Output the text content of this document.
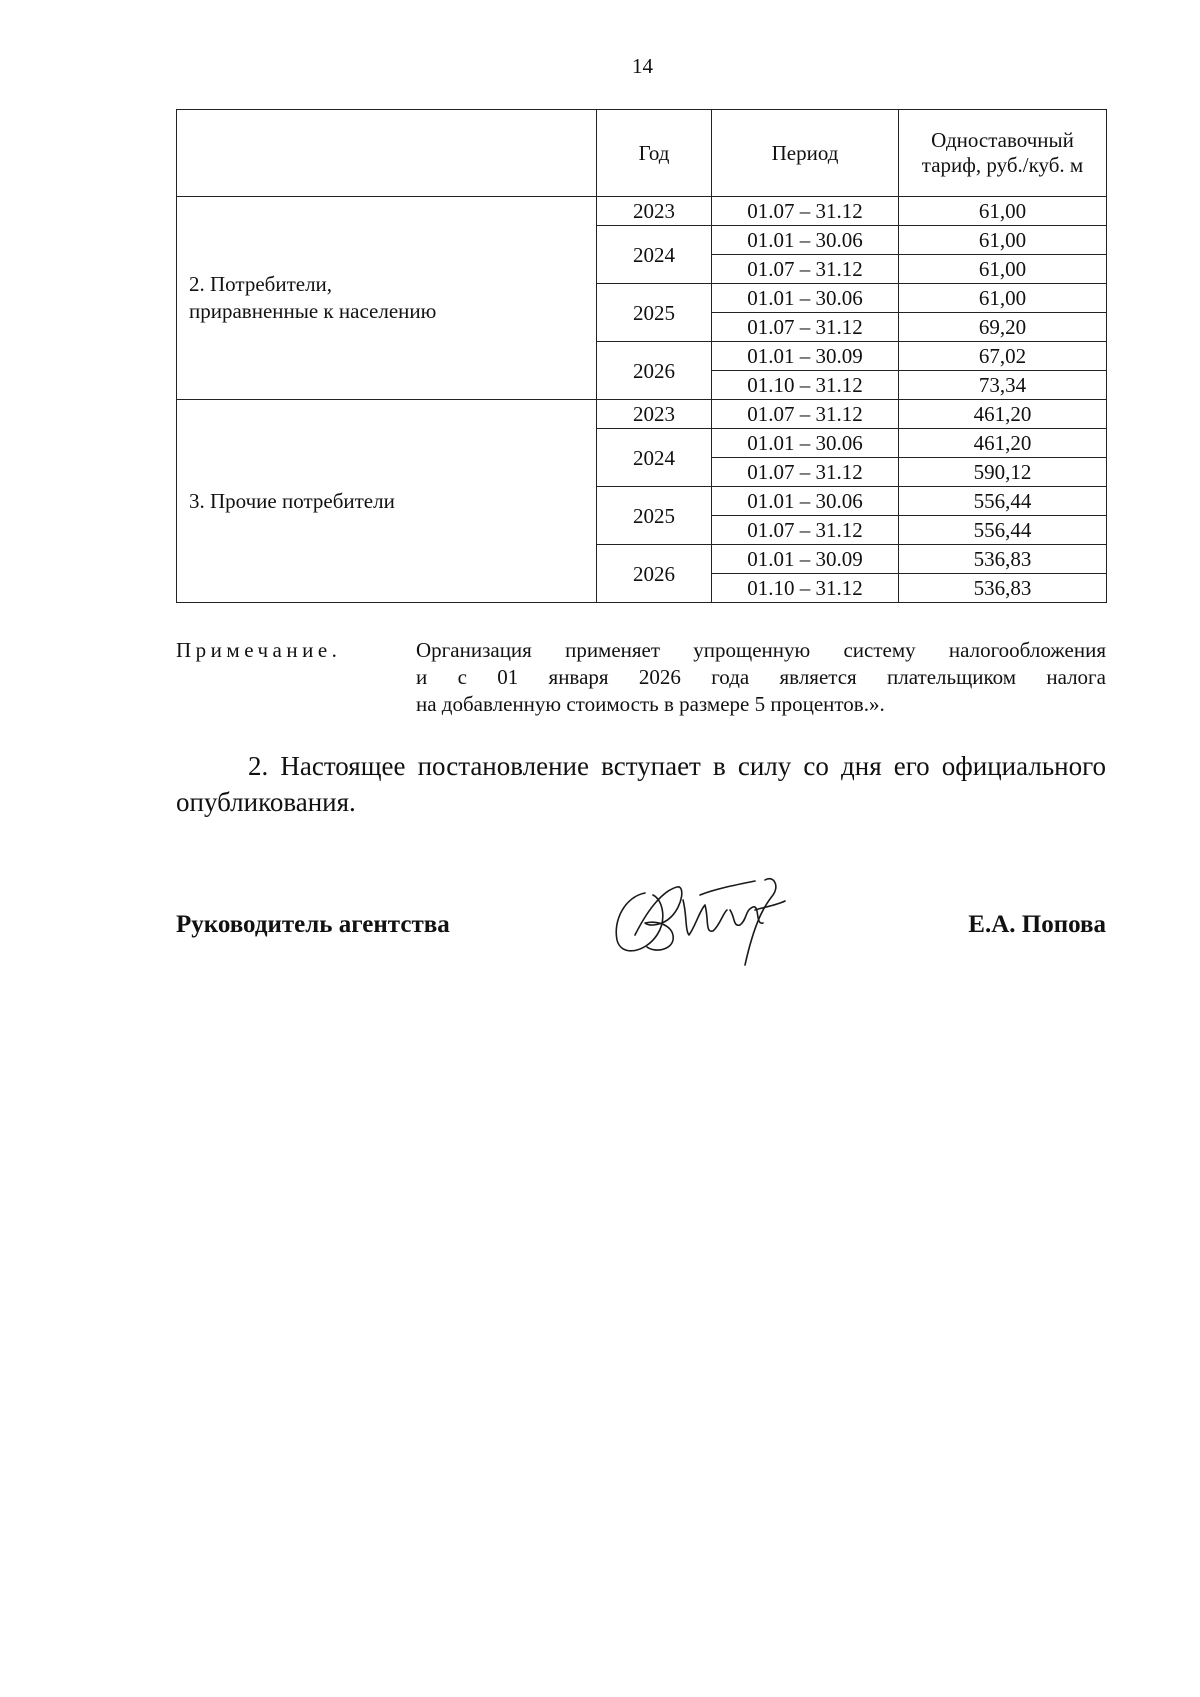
14
	Год	Период	Одноставочный тариф, руб./куб. м
2. Потребители,
приравненные к населению	2023	01.07 – 31.12	61,00
	2024	01.01 – 30.06	61,00
		01.07 – 31.12	61,00
	2025	01.01 – 30.06	61,00
		01.07 – 31.12	69,20
	2026	01.01 – 30.09	67,02
		01.10 – 31.12	73,34
3. Прочие потребители	2023	01.07 – 31.12	461,20
	2024	01.01 – 30.06	461,20
		01.07 – 31.12	590,12
	2025	01.01 – 30.06	556,44
		01.07 – 31.12	556,44
	2026	01.01 – 30.09	536,83
		01.10 – 31.12	536,83
Примечание.	Организация применяет упрощенную систему налогообложения
и с 01 января 2026 года является плательщиком налога
на добавленную стоимость в размере 5 процентов.».
2. Настоящее постановление вступает в силу со дня его официального опубликования.
Руководитель агентства	Е.А. Попова
